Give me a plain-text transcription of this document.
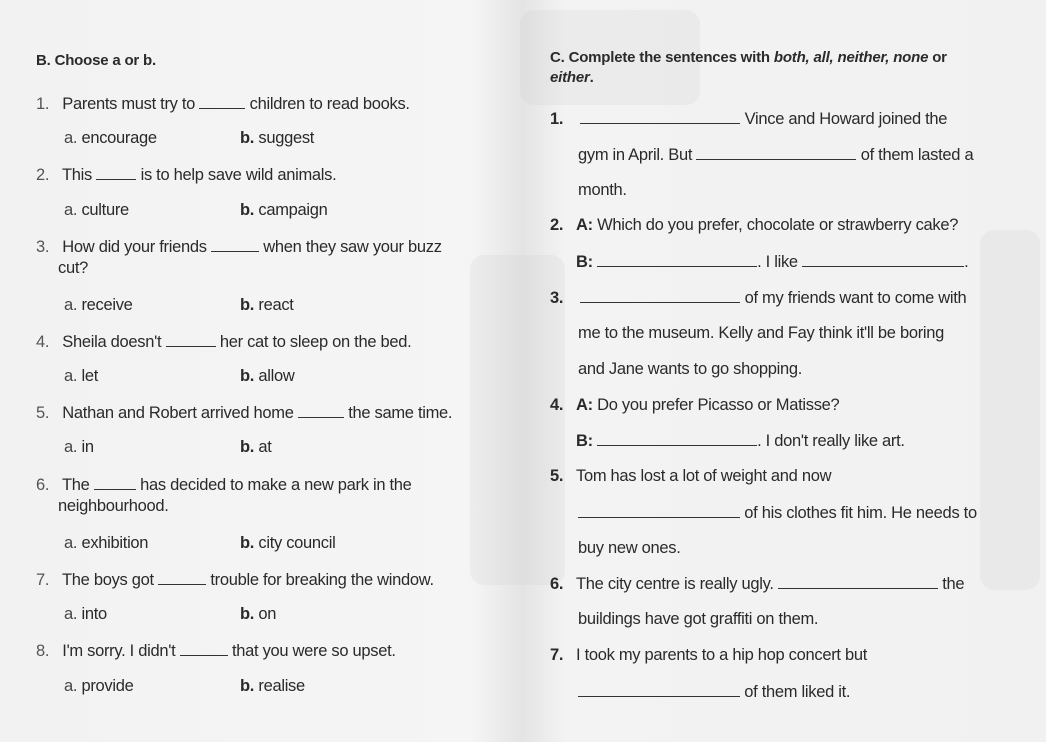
B. Choose a or b.
1. Parents must try to	children to read books.
a. encourage	b. suggest
2. This	is to help save wild animals.
a. culture	b. campaign
3. How did your friends	when they saw your buzz
cut?
a. receive	b. react
4. Sheila doesn't	her cat to sleep on the bed.
a. let	b. allow
5. Nathan and Robert arrived home	the same time.
a. in	b. at
6. The	has decided to make a new park in the
neighbourhood.
a. exhibition	b. city council
7. The boys got	trouble for breaking the window.
a. into	b. on
8. I'm sorry. I didn't	that you were so upset.
a. provide	b. realise
C. Complete the sentences with both, all, neither, none or
either.
1.	Vince and Howard joined the
gym in April. But	of them lasted a
month.
2. A: Which do you prefer, chocolate or strawberry cake?
B:	. I like	.
3.	of my friends want to come with
me to the museum. Kelly and Fay think it'll be boring
and Jane wants to go shopping.
4. A: Do you prefer Picasso or Matisse?
B:	. I don't really like art.
5. Tom has lost a lot of weight and now
of his clothes fit him. He needs to
buy new ones.
6. The city centre is really ugly.	the
buildings have got graffiti on them.
7. I took my parents to a hip hop concert but
of them liked it.
